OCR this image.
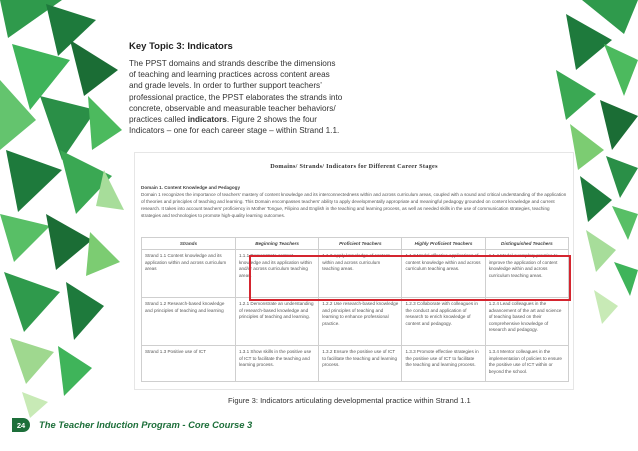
Key Topic 3: Indicators

The PPST domains and strands describe the dimensions of teaching and learning practices across content areas and grade levels. In order to further support teachers’ professional practice, the PPST elaborates the strands into concrete, observable and measurable teacher behaviors/ practices called indicators. Figure 2 shows the four Indicators – one for each career stage – within Strand 1.1.

Domains/ Strands/ Indicators for Different Career Stages
Domain 1. Content Knowledge and Pedagogy
Domain 1 recognizes the importance of teachers’ mastery of content knowledge and its interconnectedness within and across curriculum areas, coupled with a sound and critical understanding of the application of theories and principles of teaching and learning. This Domain encompasses teachers’ ability to apply developmentally appropriate and meaningful pedagogy grounded on content knowledge and current research. It takes into account teachers’ proficiency in Mother Tongue, Filipino and English in the teaching and learning process, as well as needed skills in the use of communication strategies, teaching strategies and technologies to promote high-quality learning outcomes.
Strands	Beginning Teachers	Proficient Teachers	Highly Proficient Teachers	Distinguished Teachers
Strand 1.1 Content knowledge and its application within and across curriculum areas	1.1.1 Demonstrate content knowledge and its application within and/or across curriculum teaching areas.	1.1.2 Apply knowledge of content within and across curriculum teaching areas.	1.1.3 Model effective applications of content knowledge within and across curriculum teaching areas.	1.1.4 Model exemplary practice to improve the application of content knowledge within and across curriculum teaching areas.
Strand 1.2 Research-based knowledge and principles of teaching and learning	1.2.1 Demonstrate an understanding of research-based knowledge and principles of teaching and learning.	1.2.2 Use research-based knowledge and principles of teaching and learning to enhance professional practice.	1.2.3 Collaborate with colleagues in the conduct and application of research to enrich knowledge of content and pedagogy.	1.2.4 Lead colleagues in the advancement of the art and science of teaching based on their comprehensive knowledge of research and pedagogy.
Strand 1.3 Positive use of ICT	1.3.1 Show skills in the positive use of ICT to facilitate the teaching and learning process.	1.3.2 Ensure the positive use of ICT to facilitate the teaching and learning process.	1.3.3 Promote effective strategies in the positive use of ICT to facilitate the teaching and learning process.	1.3.4 Mentor colleagues in the implementation of policies to ensure the positive use of ICT within or beyond the school.
Figure 3: Indicators articulating developmental practice within Strand 1.1
24	The Teacher Induction Program - Core Course 3
